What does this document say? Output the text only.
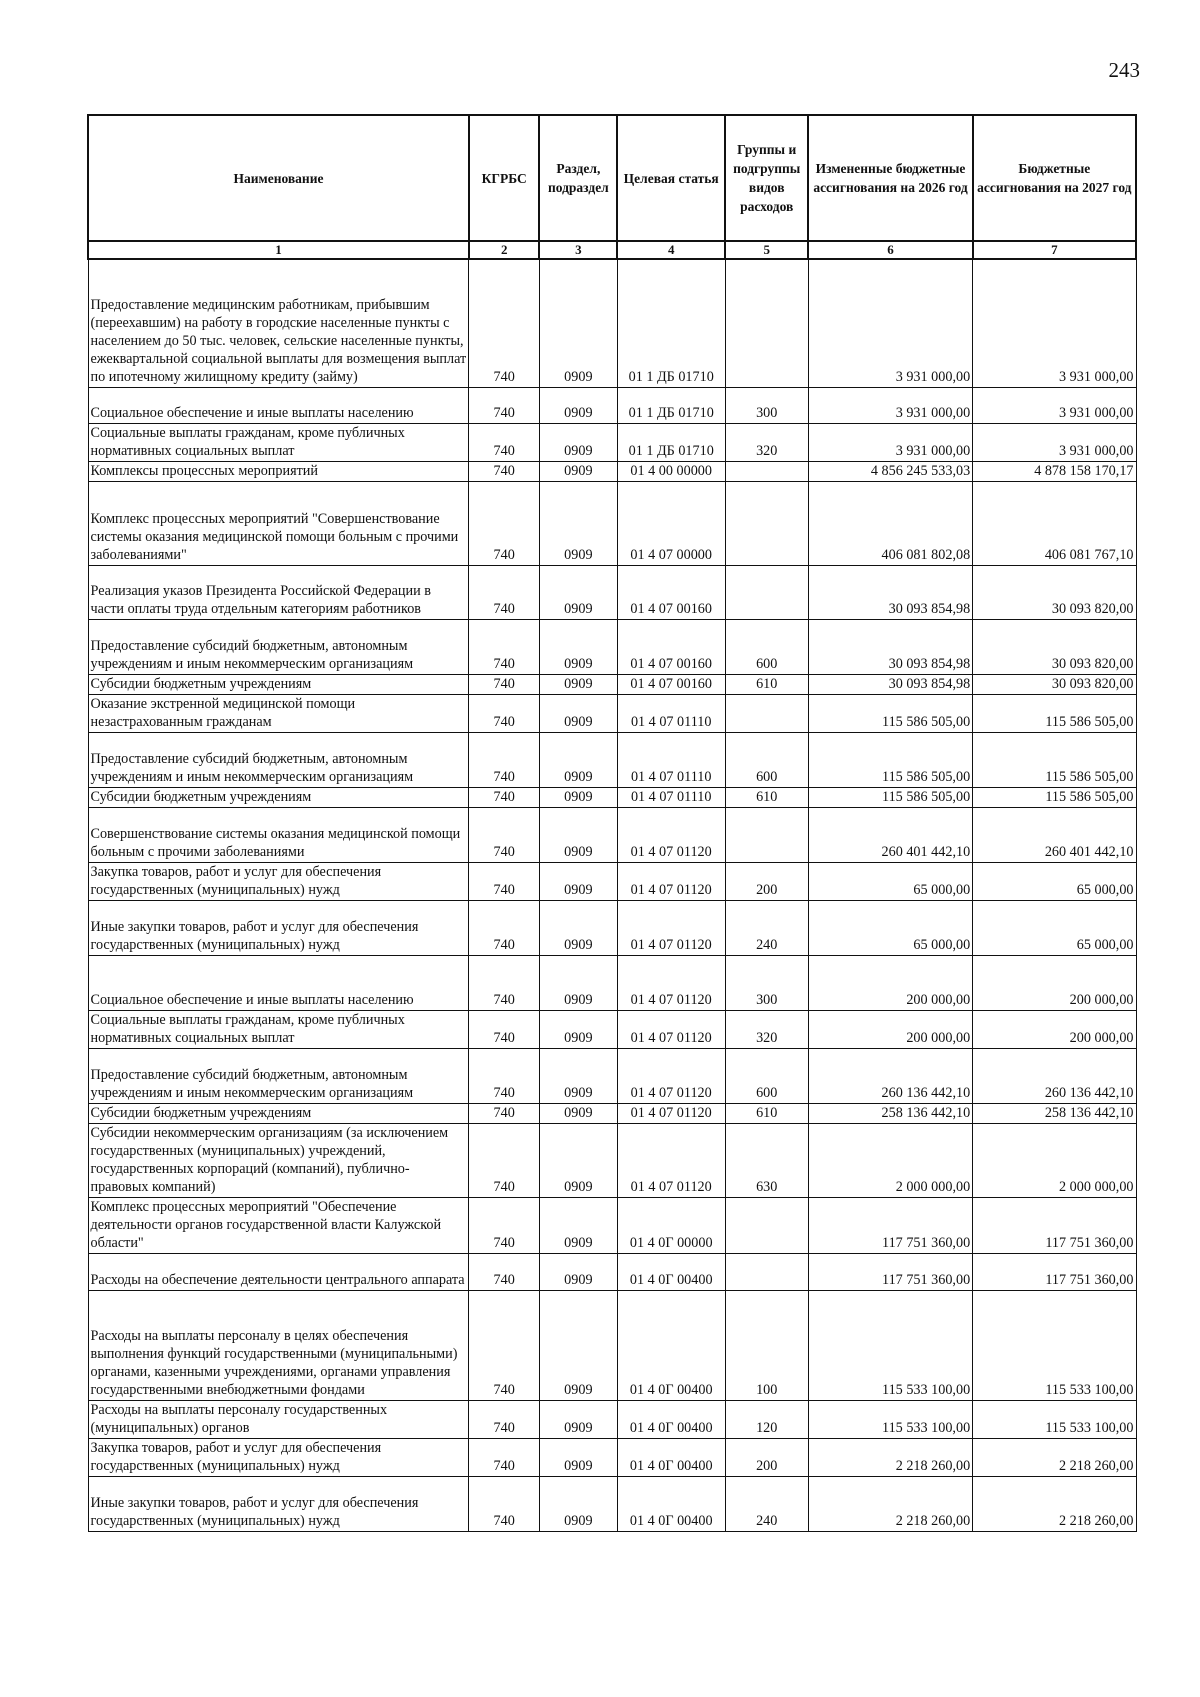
243
Наименование	КГРБС	Раздел, подраздел	Целевая статья	Группы и подгруппы видов расходов	Измененные бюджетные ассигнования на 2026 год	Бюджетные ассигнования на 2027 год
1	2	3	4	5	6	7
Предоставление медицинским работникам, прибывшим (переехавшим) на работу в городские населенные пункты с населением до 50 тыс. человек, сельские населенные пункты, ежеквартальной социальной выплаты для возмещения выплат по ипотечному жилищному кредиту (займу)	740	0909	01 1 ДБ 01710		3 931 000,00	3 931 000,00
Социальное обеспечение и иные выплаты населению	740	0909	01 1 ДБ 01710	300	3 931 000,00	3 931 000,00
Социальные выплаты гражданам, кроме публичных нормативных социальных выплат	740	0909	01 1 ДБ 01710	320	3 931 000,00	3 931 000,00
Комплексы процессных мероприятий	740	0909	01 4 00 00000		4 856 245 533,03	4 878 158 170,17
Комплекс процессных мероприятий "Совершенствование системы оказания медицинской помощи больным с прочими заболеваниями"	740	0909	01 4 07 00000		406 081 802,08	406 081 767,10
Реализация указов Президента Российской Федерации в части оплаты труда отдельным категориям работников	740	0909	01 4 07 00160		30 093 854,98	30 093 820,00
Предоставление субсидий бюджетным, автономным учреждениям и иным некоммерческим организациям	740	0909	01 4 07 00160	600	30 093 854,98	30 093 820,00
Субсидии бюджетным учреждениям	740	0909	01 4 07 00160	610	30 093 854,98	30 093 820,00
Оказание экстренной медицинской помощи незастрахованным гражданам	740	0909	01 4 07 01110		115 586 505,00	115 586 505,00
Предоставление субсидий бюджетным, автономным учреждениям и иным некоммерческим организациям	740	0909	01 4 07 01110	600	115 586 505,00	115 586 505,00
Субсидии бюджетным учреждениям	740	0909	01 4 07 01110	610	115 586 505,00	115 586 505,00
Совершенствование системы оказания медицинской помощи больным с прочими заболеваниями	740	0909	01 4 07 01120		260 401 442,10	260 401 442,10
Закупка товаров, работ и услуг для обеспечения государственных (муниципальных) нужд	740	0909	01 4 07 01120	200	65 000,00	65 000,00
Иные закупки товаров, работ и услуг для обеспечения государственных (муниципальных) нужд	740	0909	01 4 07 01120	240	65 000,00	65 000,00
Социальное обеспечение и иные выплаты населению	740	0909	01 4 07 01120	300	200 000,00	200 000,00
Социальные выплаты гражданам, кроме публичных нормативных социальных выплат	740	0909	01 4 07 01120	320	200 000,00	200 000,00
Предоставление субсидий бюджетным, автономным учреждениям и иным некоммерческим организациям	740	0909	01 4 07 01120	600	260 136 442,10	260 136 442,10
Субсидии бюджетным учреждениям	740	0909	01 4 07 01120	610	258 136 442,10	258 136 442,10
Субсидии некоммерческим организациям (за исключением государственных (муниципальных) учреждений, государственных корпораций (компаний), публично-правовых компаний)	740	0909	01 4 07 01120	630	2 000 000,00	2 000 000,00
Комплекс процессных мероприятий "Обеспечение деятельности органов государственной власти Калужской области"	740	0909	01 4 0Г 00000		117 751 360,00	117 751 360,00
Расходы на обеспечение деятельности центрального аппарата	740	0909	01 4 0Г 00400		117 751 360,00	117 751 360,00
Расходы на выплаты персоналу в целях обеспечения выполнения функций государственными (муниципальными) органами, казенными учреждениями, органами управления государственными внебюджетными фондами	740	0909	01 4 0Г 00400	100	115 533 100,00	115 533 100,00
Расходы на выплаты персоналу государственных (муниципальных) органов	740	0909	01 4 0Г 00400	120	115 533 100,00	115 533 100,00
Закупка товаров, работ и услуг для обеспечения государственных (муниципальных) нужд	740	0909	01 4 0Г 00400	200	2 218 260,00	2 218 260,00
Иные закупки товаров, работ и услуг для обеспечения государственных (муниципальных) нужд	740	0909	01 4 0Г 00400	240	2 218 260,00	2 218 260,00
